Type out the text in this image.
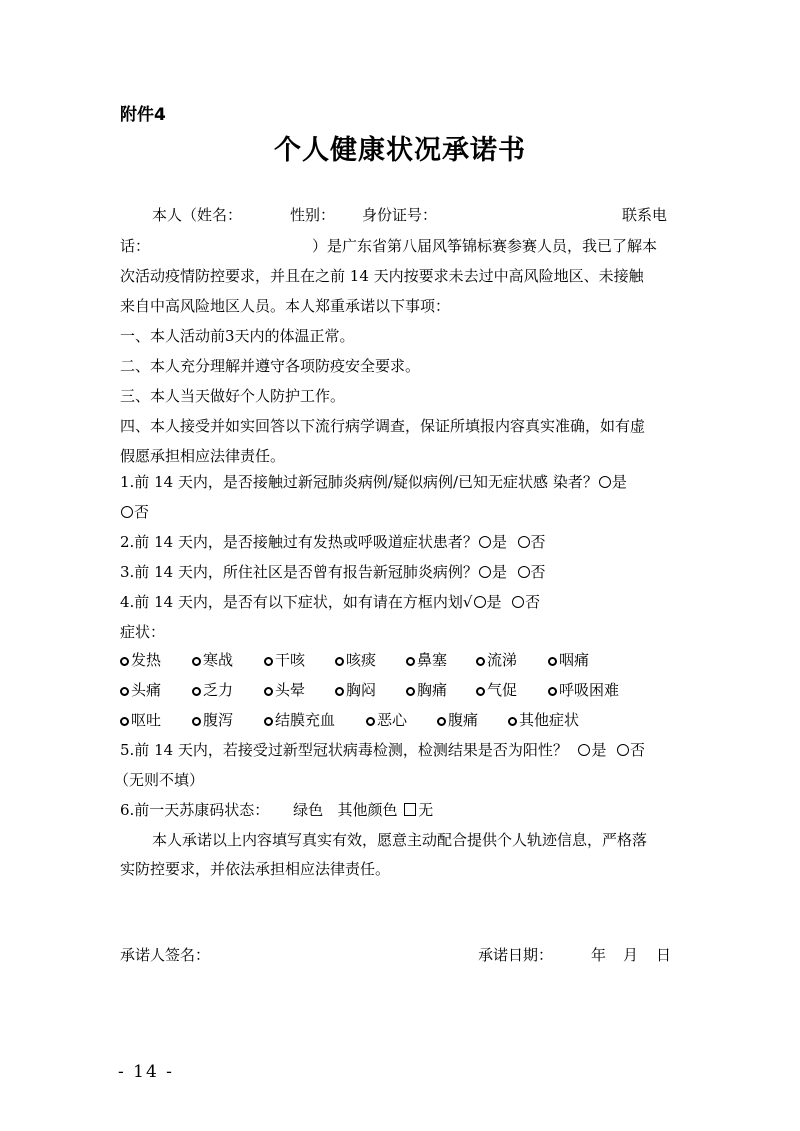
附件4
个人健康状况承诺书
本人（姓名：	性别： 身份证号：	联系电
话：	）是广东省第八届风筝锦标赛参赛人员，我已了解本
次活动疫情防控要求，并且在之前 14 天内按要求未去过中高风险地区、未接触
来自中高风险地区人员。本人郑重承诺以下事项：
一、本人活动前3天内的体温正常。
二、本人充分理解并遵守各项防疫安全要求。
三、本人当天做好个人防护工作。
四、本人接受并如实回答以下流行病学调查，保证所填报内容真实准确，如有虚
假愿承担相应法律责任。
1.前 14 天内，是否接触过新冠肺炎病例/疑似病例/已知无症状感 染者？ 是
否
2.前 14 天内，是否接触过有发热或呼吸道症状患者？ 是 否
3.前 14 天内，所住社区是否曾有报告新冠肺炎病例？ 是 否
4.前 14 天内，是否有以下症状，如有请在方框内划√ 是 否
症状：
发热	寒战	干咳	咳痰	鼻塞	流涕	咽痛
头痛	乏力	头晕	胸闷	胸痛	气促	呼吸困难
呕吐	腹泻	结膜充血	恶心	腹痛	其他症状
5.前 14 天内，若接受过新型冠状病毒检测，检测结果是否为阳性？ 是 否
（无则不填）
6.前一天苏康码状态： 绿色 其他颜色 无
本人承诺以上内容填写真实有效，愿意主动配合提供个人轨迹信息，严格落
实防控要求，并依法承担相应法律责任。
承诺人签名：	承诺日期：	年 月 日
- 14 -
